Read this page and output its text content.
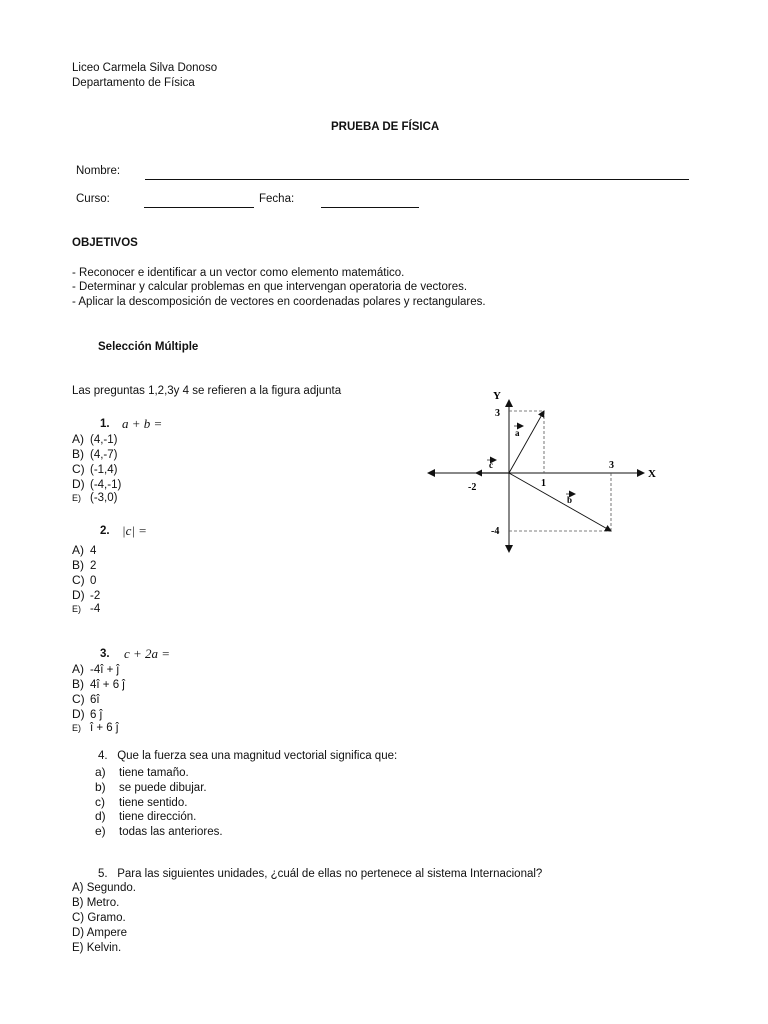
Liceo Carmela Silva Donoso
Departamento de Física
PRUEBA DE FÍSICA
Nombre:
Curso:	Fecha:
OBJETIVOS
- Reconocer e identificar a un vector como elemento matemático.
- Determinar y calcular problemas en que intervengan operatoria de vectores.
- Aplicar la descomposición de vectores en coordenadas polares y rectangulares.
Selección Múltiple
Las preguntas 1,2,3y 4 se refieren a la figura adjunta
1. a + b =
A) (4,-1)
B) (4,-7)
C) (-1,4)
D) (-4,-1)
E) (-3,0)
2. |c| =
A) 4
B) 2
C) 0
D) -2
E) -4
3. c + 2a =
A) -4î + ĵ
B) 4î + 6 ĵ
C) 6î
D) 6 ĵ
E) î + 6 ĵ
4. Que la fuerza sea una magnitud vectorial significa que:
a) tiene tamaño.
b) se puede dibujar.
c) tiene sentido.
d) tiene dirección.
e) todas las anteriores.
5. Para las siguientes unidades, ¿cuál de ellas no pertenece al sistema Internacional?
A) Segundo.
B) Metro.
C) Gramo.
D) Ampere
E) Kelvin.
Y
X
3
-4
3
1
-2
a
c
b
